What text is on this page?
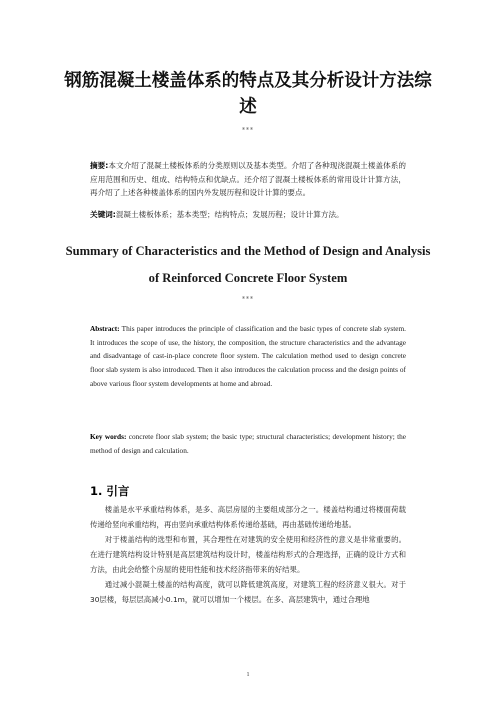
钢筋混凝土楼盖体系的特点及其分析设计方法综述
***
摘要:本文介绍了混凝土楼板体系的分类原则以及基本类型。介绍了各种现浇混凝土楼盖体系的应用范围和历史、组成、结构特点和优缺点。还介绍了混凝土楼板体系的常用设计计算方法，再介绍了上述各种楼盖体系的国内外发展历程和设计计算的要点。
关键词:混凝土楼板体系；基本类型；结构特点；发展历程；设计计算方法。
Summary of Characteristics and the Method of Design and Analysis of Reinforced Concrete Floor System
***
Abstract: This paper introduces the principle of classification and the basic types of concrete slab system. It introduces the scope of use, the history, the composition, the structure characteristics and the advantage and disadvantage of cast-in-place concrete floor system. The calculation method used to design concrete floor slab system is also introduced. Then it also introduces the calculation process and the design points of above various floor system developments at home and abroad.
Key words: concrete floor slab system; the basic type; structural characteristics; development history; the method of design and calculation.
1. 引言

楼盖是水平承重结构体系，是多、高层房屋的主要组成部分之一。楼盖结构通过将楼面荷载传递给竖向承重结构，再由竖向承重结构体系传递给基础，再由基础传递给地基。

对于楼盖结构的选型和布置，其合理性在对建筑的安全使用和经济性的意义是非常重要的。在进行建筑结构设计特别是高层建筑结构设计时，楼盖结构形式的合理选择，正确的设计方式和方法，由此会给整个房屋的使用性能和技术经济指带来的好结果。

通过减小混凝土楼盖的结构高度，就可以降低建筑高度，对建筑工程的经济意义很大。对于30层楼，每层层高减小0.1m，就可以增加一个楼层。在多、高层建筑中，通过合理地

1
